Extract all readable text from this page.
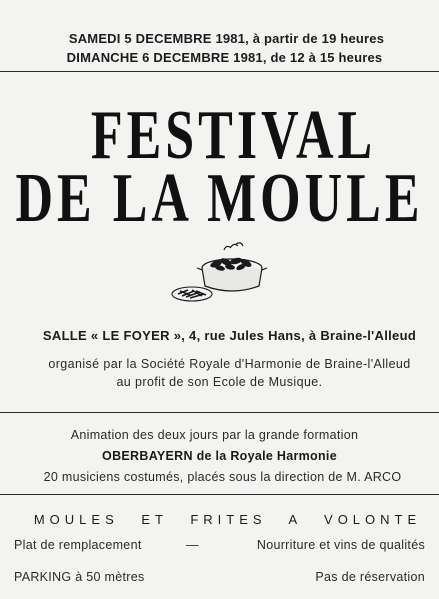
SAMEDI 5 DECEMBRE 1981, à partir de 19 heures
DIMANCHE 6 DECEMBRE 1981, de 12 à 15 heures
FESTIVAL
DE LA MOULE
SALLE « LE FOYER », 4, rue Jules Hans, à Braine-l'Alleud
organisé par la Société Royale d'Harmonie de Braine-l'Alleud
au profit de son Ecole de Musique.
Animation des deux jours par la grande formation
OBERBAYERN de la Royale Harmonie
20 musiciens costumés, placés sous la direction de M. ARCO
MOULES ET FRITES A VOLONTE
Plat de remplacement	—	Nourriture et vins de qualités
PARKING à 50 mètres	Pas de réservation
